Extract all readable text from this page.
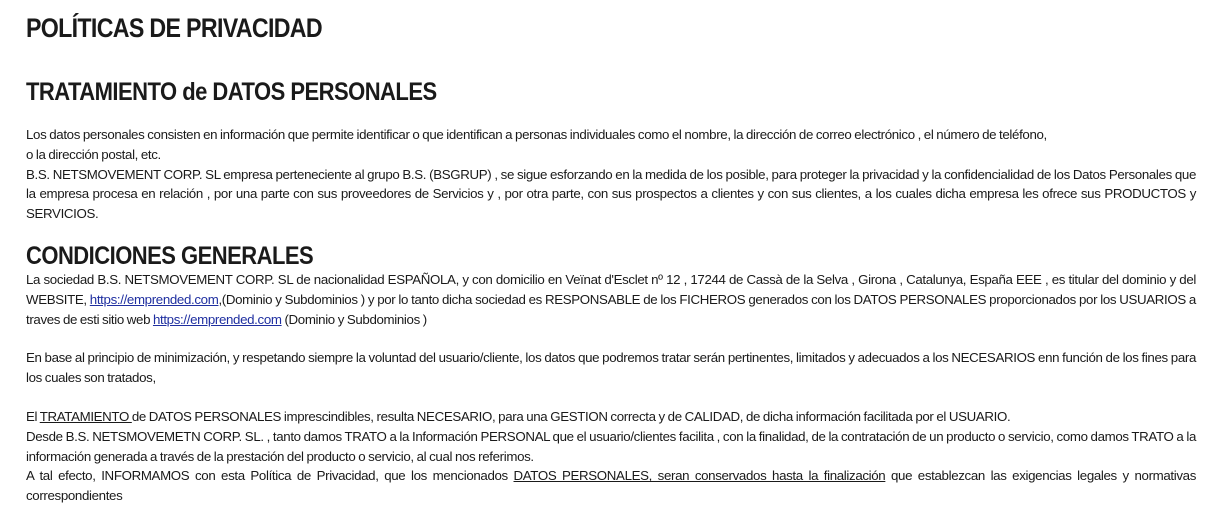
POLÍTICAS DE PRIVACIDAD
TRATAMIENTO de DATOS PERSONALES

Los datos personales consisten en información que permite identificar o que identifican a personas individuales como el nombre, la dirección de correo electrónico , el número de teléfono,
o la dirección postal, etc.

B.S. NETSMOVEMENT CORP. SL empresa perteneciente al grupo B.S. (BSGRUP) , se sigue esforzando en la medida de los posible, para proteger la privacidad y la confidencialidad de los Datos Personales que la empresa procesa en relación , por una parte con sus proveedores de Servicios y , por otra parte, con sus prospectos a clientes y con sus clientes, a los cuales dicha empresa les ofrece sus PRODUCTOS y SERVICIOS.

CONDICIONES GENERALES

La sociedad B.S. NETSMOVEMENT CORP. SL de nacionalidad ESPAÑOLA, y con domicilio en Veïnat d'Esclet nº 12 , 17244 de Cassà de la Selva , Girona , Catalunya, España EEE , es titular del dominio y del WEBSITE, https://emprended.com,(Dominio y Subdominios ) y por lo tanto dicha sociedad es RESPONSABLE de los FICHEROS generados con los DATOS PERSONALES proporcionados por los USUARIOS a traves de esti sitio web https://emprended.com (Dominio y Subdominios )

En base al principio de minimización, y respetando siempre la voluntad del usuario/cliente, los datos que podremos tratar serán pertinentes, limitados y adecuados a los NECESARIOS enn función de los fines para los cuales son tratados,

El TRATAMIENTO de DATOS PERSONALES imprescindibles, resulta NECESARIO, para una GESTION correcta y de CALIDAD, de dicha información facilitada por el USUARIO.

Desde B.S. NETSMOVEMETN CORP. SL. , tanto damos TRATO a la Información PERSONAL que el usuario/clientes facilita , con la finalidad, de la contratación de un producto o servicio, como damos TRATO a la información generada a través de la prestación del producto o servicio, al cual nos referimos.

A tal efecto, INFORMAMOS con esta Política de Privacidad, que los mencionados DATOS PERSONALES, seran conservados hasta la finalización que establezcan las exigencias legales y normativas correspondientes
